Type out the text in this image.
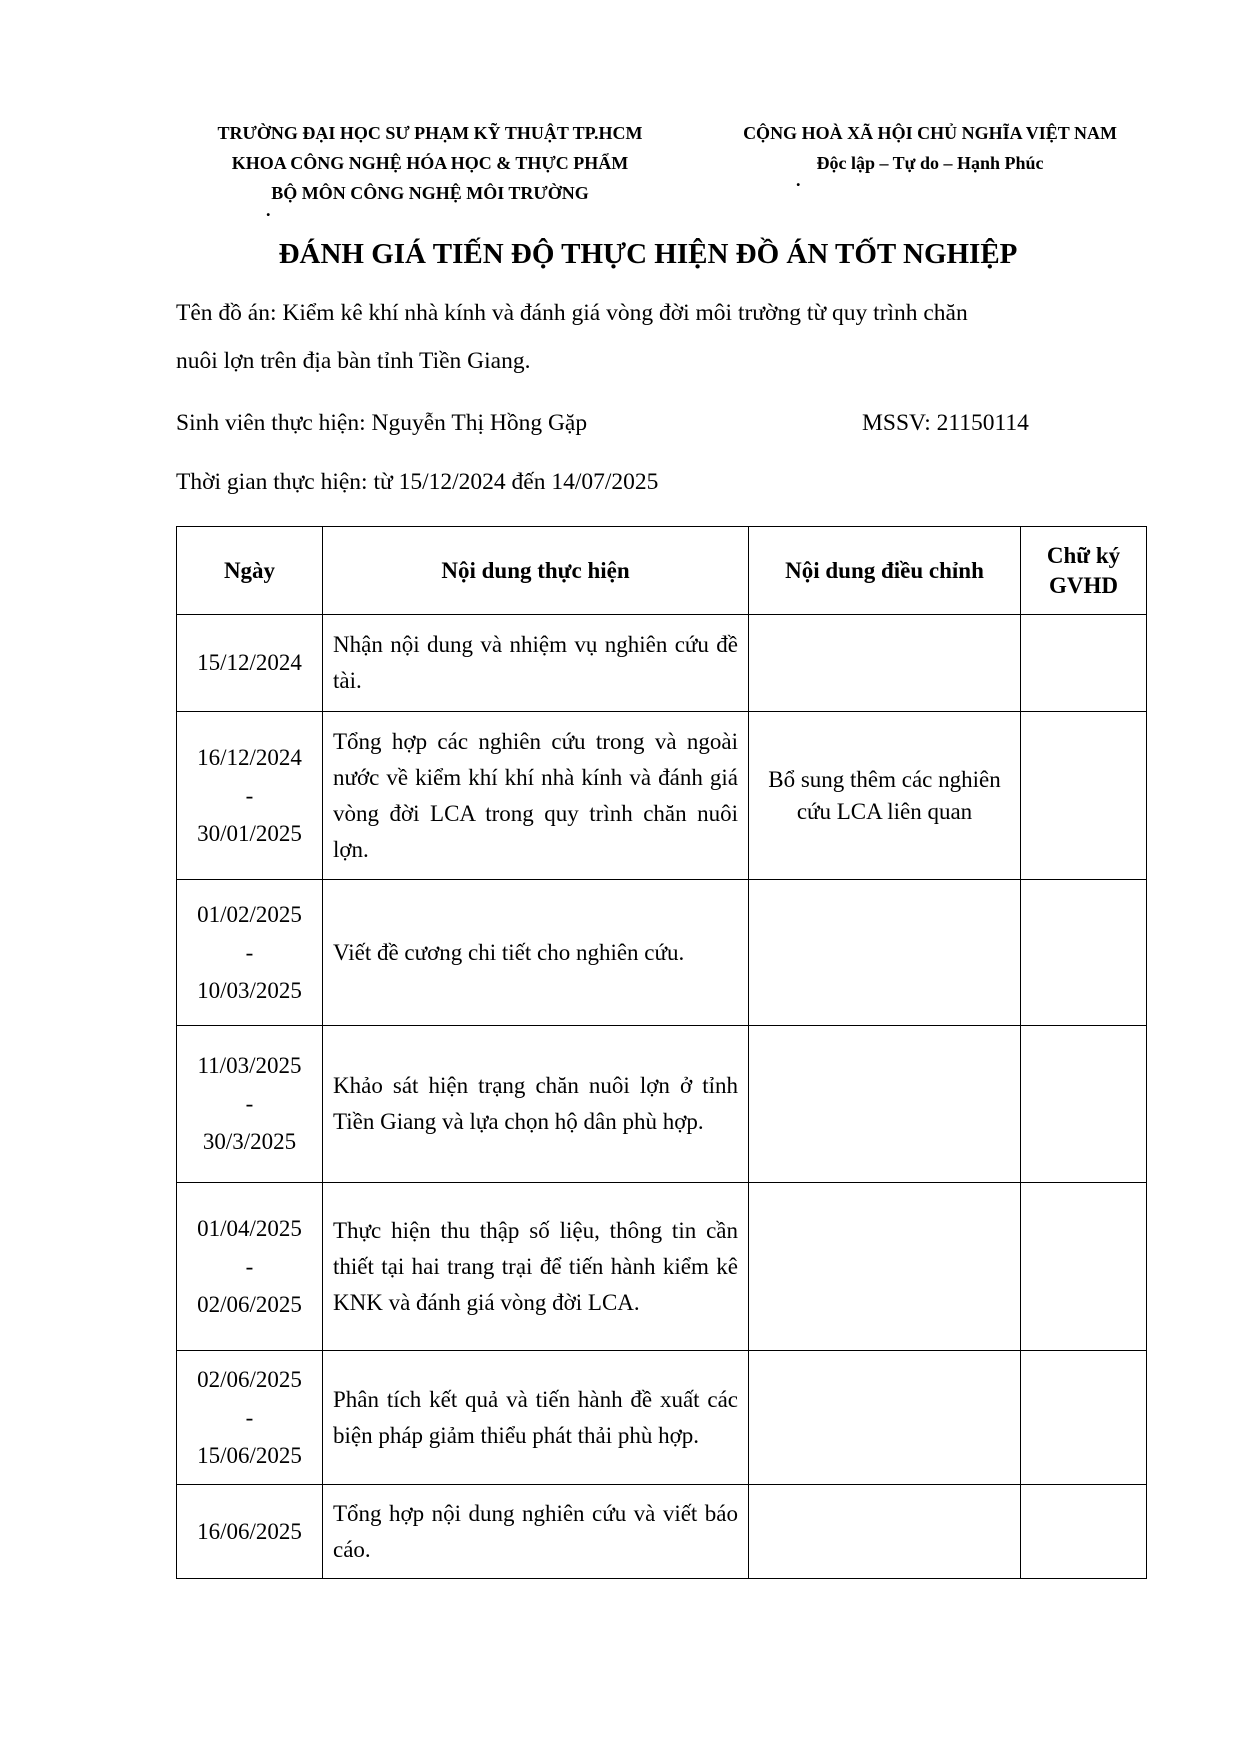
TRƯỜNG ĐẠI HỌC SƯ PHẠM KỸ THUẬT TP.HCM
KHOA CÔNG NGHỆ HÓA HỌC & THỰC PHẨM
BỘ MÔN CÔNG NGHỆ MÔI TRƯỜNG
.
CỘNG HOÀ XÃ HỘI CHỦ NGHĨA VIỆT NAM
Độc lập – Tự do – Hạnh Phúc
.
ĐÁNH GIÁ TIẾN ĐỘ THỰC HIỆN ĐỒ ÁN TỐT NGHIỆP
Tên đồ án: Kiểm kê khí nhà kính và đánh giá vòng đời môi trường từ quy trình chăn
nuôi lợn trên địa bàn tỉnh Tiền Giang.
Sinh viên thực hiện: Nguyễn Thị Hồng Gặp	MSSV: 21150114
Thời gian thực hiện: từ 15/12/2024 đến 14/07/2025
Ngày	Nội dung thực hiện	Nội dung điều chỉnh	Chữ ký GVHD

15/12/2024	Nhận nội dung và nhiệm vụ nghiên cứu đề tài.		

16/12/2024
-
30/01/2025	Tổng hợp các nghiên cứu trong và ngoài nước về kiểm khí khí nhà kính và đánh giá vòng đời LCA trong quy trình chăn nuôi lợn.	Bổ sung thêm các nghiên cứu LCA liên quan	

01/02/2025
-
10/03/2025	Viết đề cương chi tiết cho nghiên cứu.		

11/03/2025
-
30/3/2025	Khảo sát hiện trạng chăn nuôi lợn ở tỉnh Tiền Giang và lựa chọn hộ dân phù hợp.		

01/04/2025
-
02/06/2025	Thực hiện thu thập số liệu, thông tin cần thiết tại hai trang trại để tiến hành kiểm kê KNK và đánh giá vòng đời LCA.		

02/06/2025
-
15/06/2025	Phân tích kết quả và tiến hành đề xuất các biện pháp giảm thiểu phát thải phù hợp.		

16/06/2025	Tổng hợp nội dung nghiên cứu và viết báo cáo.		
